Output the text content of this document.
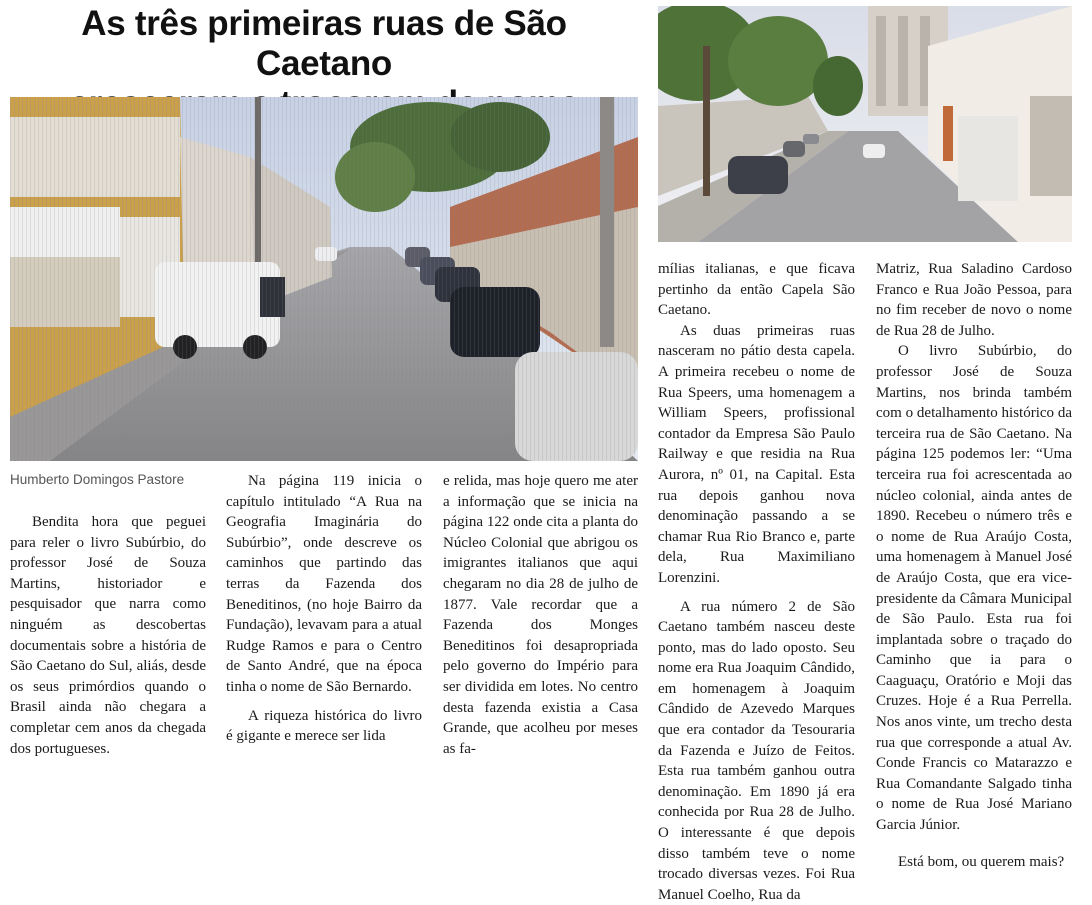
As três primeiras ruas de São Caetano
Humberto Domingos Pastore

Bendita hora que peguei para reler o livro Subúrbio, do professor José de Souza Martins, historiador e pesquisador que narra como ninguém as descobertas documentais sobre a história de São Caetano do Sul, aliás, desde os seus primórdios quando o Brasil ainda não chegara a completar cem anos da chegada dos portugueses.

Na página 119 inicia o capítulo intitulado “A Rua na Geografia Imaginária do Subúrbio”, onde descreve os caminhos que partindo das terras da Fazenda dos Beneditinos, (no hoje Bairro da Fundação), levavam para a atual Rudge Ramos e para o Centro de Santo André, que na época tinha o nome de São Bernardo.

A riqueza histórica do livro é gigante e merece ser lida

e relida, mas hoje quero me ater a informação que se inicia na página 122 onde cita a planta do Núcleo Colonial que abrigou os imigrantes italianos que aqui chegaram no dia 28 de julho de 1877. Vale recordar que a Fazenda dos Monges Beneditinos foi desapropriada pelo governo do Império para ser dividida em lotes. No centro desta fazenda existia a Casa Grande, que acolheu por meses as fa-

mílias italianas, e que ficava pertinho da então Capela São Caetano.

As duas primeiras ruas nasceram no pátio desta capela. A primeira recebeu o nome de Rua Speers, uma homenagem a William Speers, profissional contador da Empresa São Paulo Railway e que residia na Rua Aurora, nº 01, na Capital. Esta rua depois ganhou nova denominação passando a se chamar Rua Rio Branco e, parte dela, Rua Maximiliano Lorenzini.

A rua número 2 de São Caetano também nasceu deste ponto, mas do lado oposto. Seu nome era Rua Joaquim Cândido, em homenagem à Joaquim Cândido de Azevedo Marques que era contador da Tesouraria da Fazenda e Juízo de Feitos. Esta rua também ganhou outra denominação. Em 1890 já era conhecida por Rua 28 de Julho. O interessante é que depois disso também teve o nome trocado diversas vezes. Foi Rua Manuel Coelho, Rua da

Matriz, Rua Saladino Cardoso Franco e Rua João Pessoa, para no fim receber de novo o nome de Rua 28 de Julho.

O livro Subúrbio, do professor José de Souza Martins, nos brinda também com o detalhamento histórico da terceira rua de São Caetano. Na página 125 podemos ler: “Uma terceira rua foi acrescentada ao núcleo colonial, ainda antes de 1890. Recebeu o número três e o nome de Rua Araújo Costa, uma homenagem à Manuel José de Araújo Costa, que era vice-presidente da Câmara Municipal de São Paulo. Esta rua foi implantada sobre o traçado do Caminho que ia para o Caaguaçu, Oratório e Moji das Cruzes. Hoje é a Rua Perrella. Nos anos vinte, um trecho desta rua que corresponde a atual Av. Conde Francis co Matarazzo e Rua Comandante Salgado tinha o nome de Rua José Mariano Garcia Júnior.

Está bom, ou querem mais?
